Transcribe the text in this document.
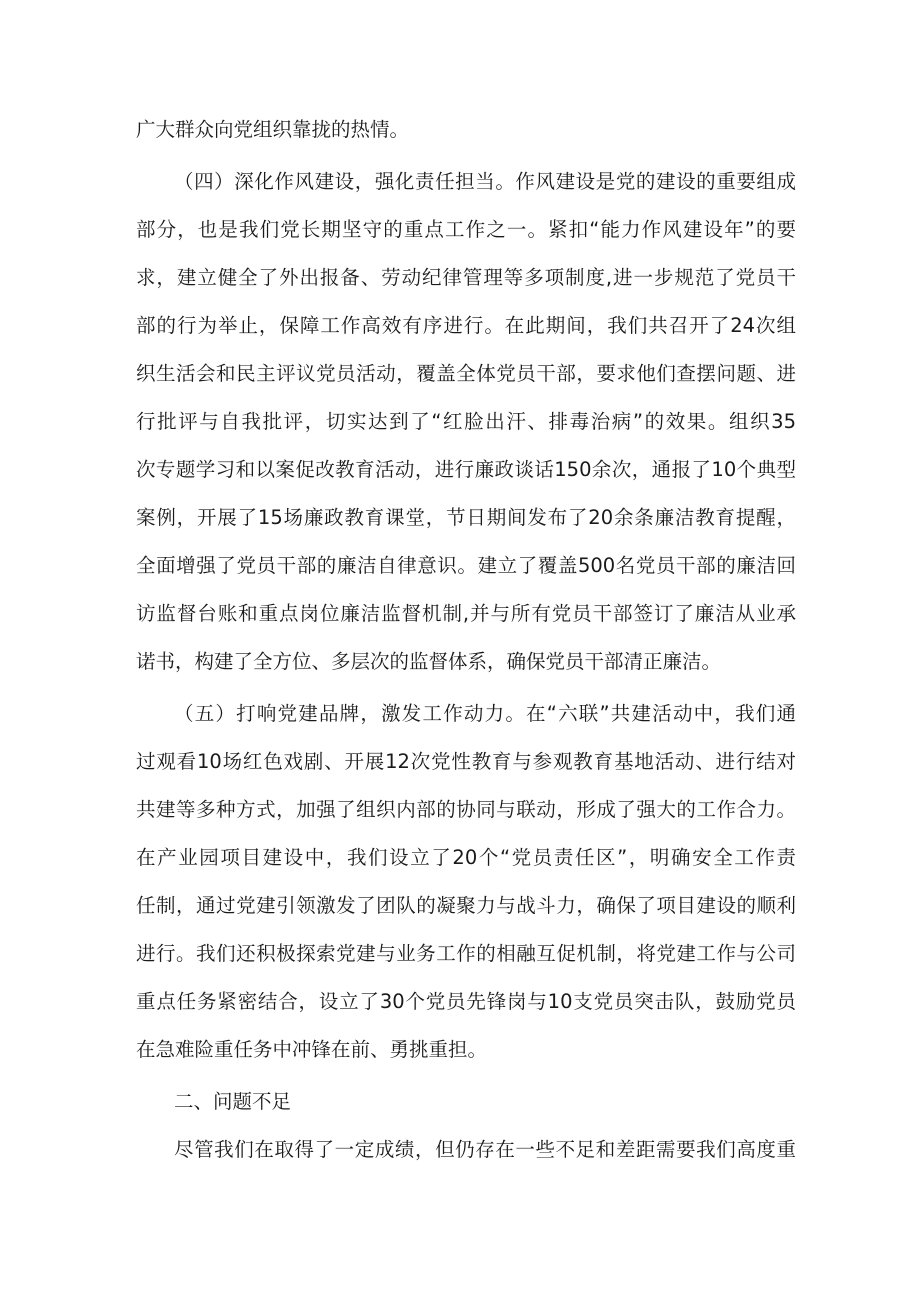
广大群众向党组织靠拢的热情。
（四）深化作风建设，强化责任担当。作风建设是党的建设的重要组成
部分，也是我们党长期坚守的重点工作之一。紧扣“能力作风建设年”的要
求，建立健全了外出报备、劳动纪律管理等多项制度,进一步规范了党员干
部的行为举止，保障工作高效有序进行。在此期间，我们共召开了24次组
织生活会和民主评议党员活动，覆盖全体党员干部，要求他们查摆问题、进
行批评与自我批评，切实达到了“红脸出汗、排毒治病”的效果。组织35
次专题学习和以案促改教育活动，进行廉政谈话150余次，通报了10个典型
案例，开展了15场廉政教育课堂，节日期间发布了20余条廉洁教育提醒，
全面增强了党员干部的廉洁自律意识。建立了覆盖500名党员干部的廉洁回
访监督台账和重点岗位廉洁监督机制,并与所有党员干部签订了廉洁从业承
诺书，构建了全方位、多层次的监督体系，确保党员干部清正廉洁。
（五）打响党建品牌，激发工作动力。在“六联”共建活动中，我们通
过观看10场红色戏剧、开展12次党性教育与参观教育基地活动、进行结对
共建等多种方式，加强了组织内部的协同与联动，形成了强大的工作合力。
在产业园项目建设中，我们设立了20个“党员责任区”，明确安全工作责
任制，通过党建引领激发了团队的凝聚力与战斗力，确保了项目建设的顺利
进行。我们还积极探索党建与业务工作的相融互促机制，将党建工作与公司
重点任务紧密结合，设立了30个党员先锋岗与10支党员突击队，鼓励党员
在急难险重任务中冲锋在前、勇挑重担。
二、问题不足
尽管我们在取得了一定成绩，但仍存在一些不足和差距需要我们高度重
